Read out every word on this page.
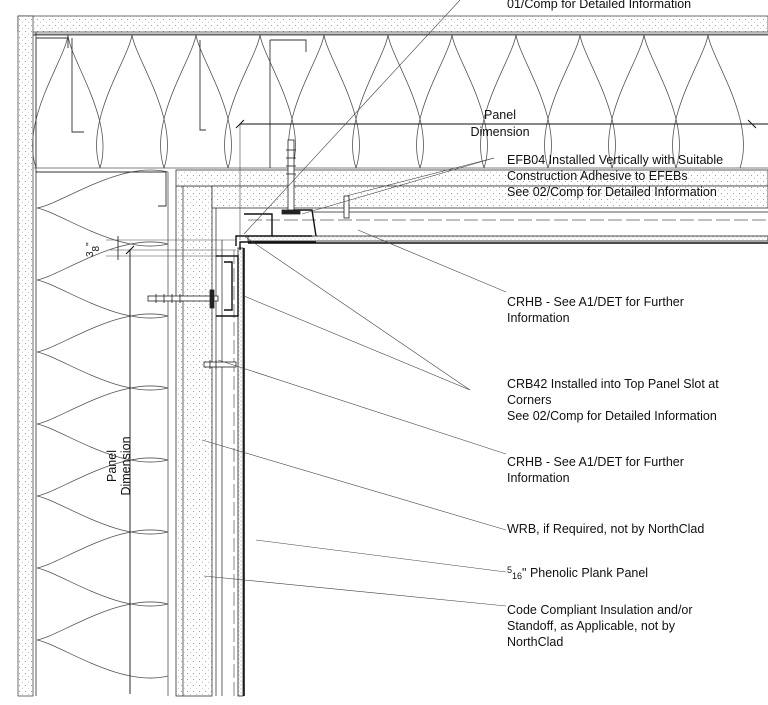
Panel
Dimension
Panel Dimension
$^3_8$"
01/Comp for Detailed Information
EFB04 Installed Vertically with Suitable
Construction Adhesive to EFEBs
See 02/Comp for Detailed Information
CRHB - See A1/DET for Further
Information
CRB42 Installed into Top Panel Slot at
Corners
See 02/Comp for Detailed Information
CRHB - See A1/DET for Further
Information
WRB, if Required, not by NorthClad
$^5_{16}$" Phenolic Plank Panel
Code Compliant Insulation and/or
Standoff, as Applicable, not by
NorthClad
